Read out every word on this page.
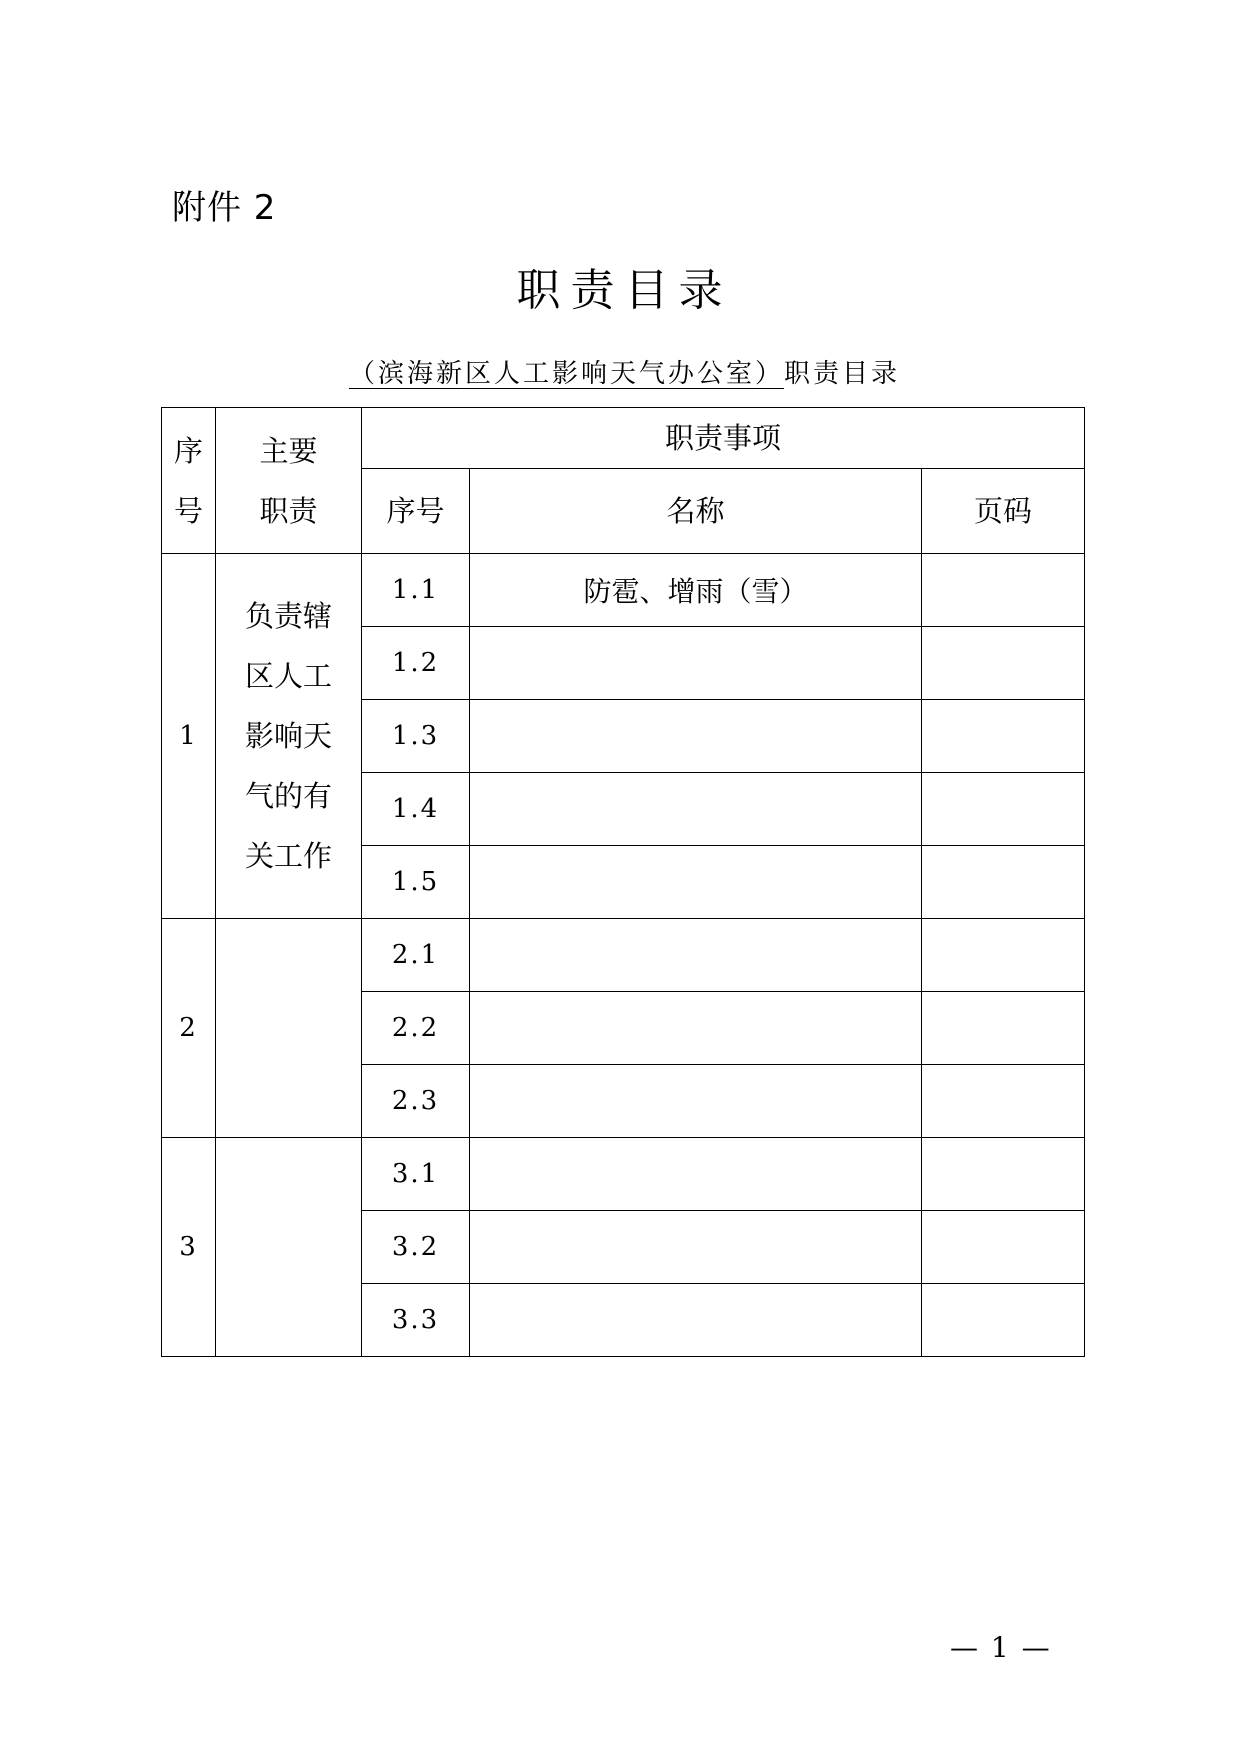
附件 2
职责目录
（滨海新区人工影响天气办公室）职责目录
序号	主要职责	职责事项		
		序号	名称	页码
1	负责辖区人工影响天气的有关工作	1.1	防雹、增雨（雪）	
		1.2		
		1.3		
		1.4		
		1.5		
2		2.1		
		2.2		
		2.3		
3		3.1		
		3.2		
		3.3		
— 1 —
